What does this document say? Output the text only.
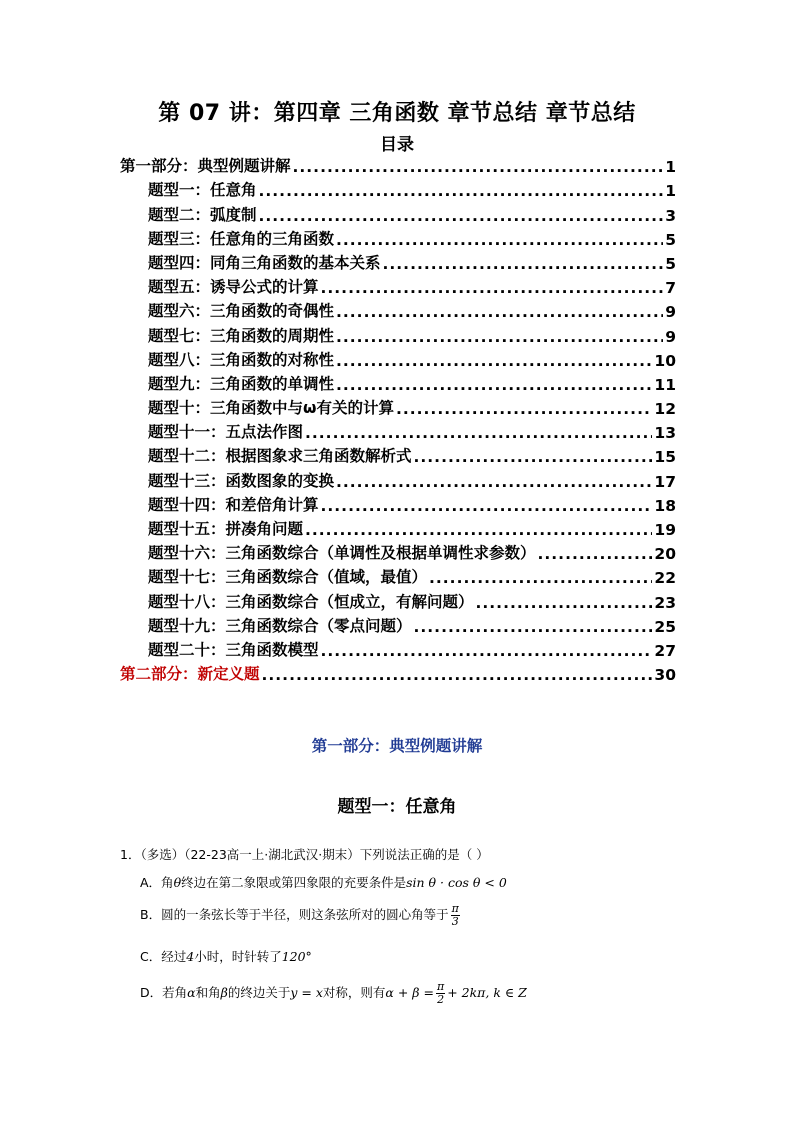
第 07 讲：第四章 三角函数 章节总结 章节总结
目录
第一部分：典型例题讲解 .....	1
题型一：任意角 .....	1
题型二：弧度制 .....	3
题型三：任意角的三角函数 .....	5
题型四：同角三角函数的基本关系 .....	5
题型五：诱导公式的计算 .....	7
题型六：三角函数的奇偶性 .....	9
题型七：三角函数的周期性 .....	9
题型八：三角函数的对称性 .....	10
题型九：三角函数的单调性 .....	11
题型十：三角函数中与ω有关的计算 .....	12
题型十一：五点法作图 .....	13
题型十二：根据图象求三角函数解析式 .....	15
题型十三：函数图象的变换 .....	17
题型十四：和差倍角计算 .....	18
题型十五：拼凑角问题 .....	19
题型十六：三角函数综合（单调性及根据单调性求参数） .....	20
题型十七：三角函数综合（值域，最值） .....	22
题型十八：三角函数综合（恒成立，有解问题） .....	23
题型十九：三角函数综合（零点问题） .....	25
题型二十：三角函数模型 .....	27
第二部分：新定义题 .....	30
第一部分：典型例题讲解
题型一：任意角
1．（多选）（22-23高一上·湖北武汉·期末）下列说法正确的是（ ）
A．角θ终边在第二象限或第四象限的充要条件是sin θ · cos θ < 0
B．圆的一条弦长等于半径，则这条弦所对的圆心角等于 $\frac{\pi}{3}$
C．经过4小时，时针转了120°
D．若角α和角β的终边关于y = x对称，则有$\alpha + \beta = \frac{\pi}{2} + 2k\pi$, k ∈ Z
